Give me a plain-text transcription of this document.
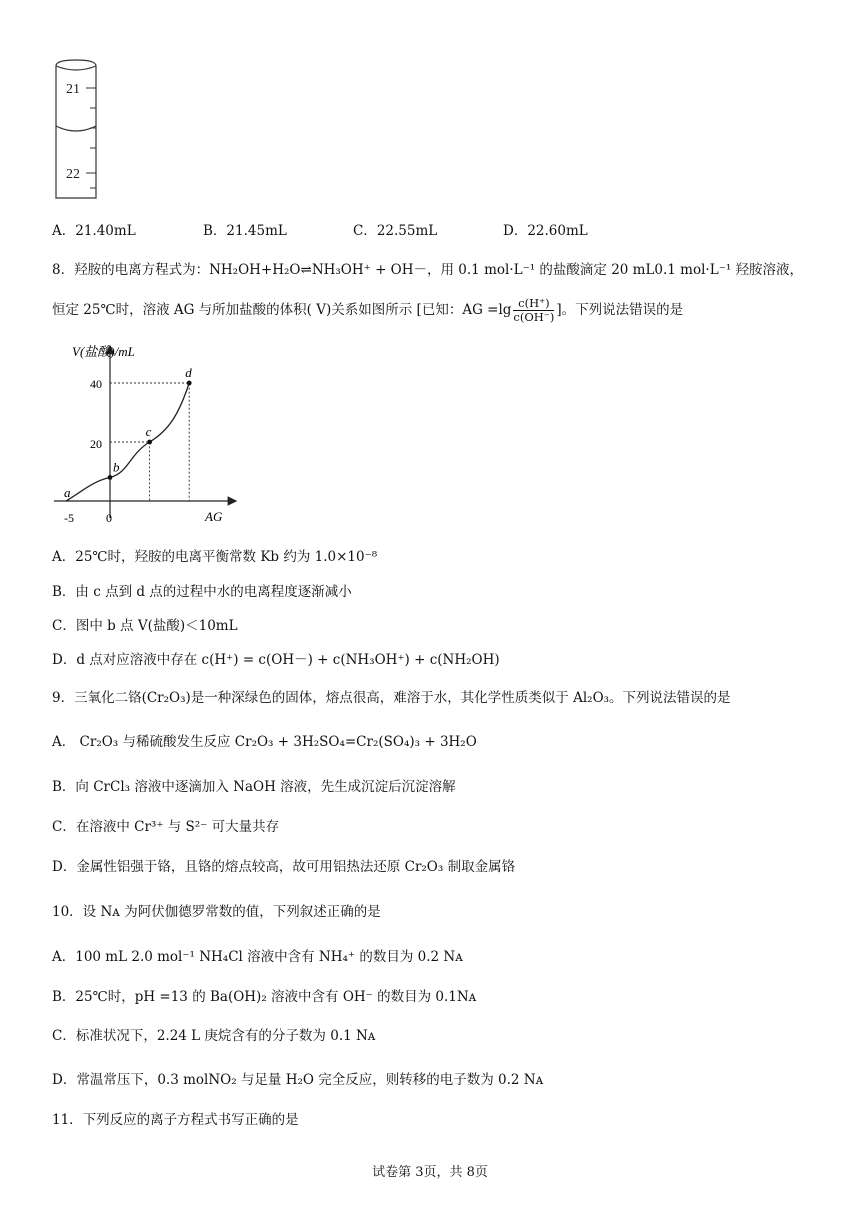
21
22
A．21.40mL	B．21.45mL	C．22.55mL	D．22.60mL
8．羟胺的电离方程式为：NH₂OH+H₂O⇌NH₃OH⁺ + OH－，用 0.1 mol·L⁻¹ 的盐酸滴定 20 mL0.1 mol·L⁻¹ 羟胺溶液，
恒定 25℃时，溶液 AG 与所加盐酸的体积( V)关系如图所示 [已知：AG $=\lg \frac{c(H^+)}{c(OH^-)}$ ]。下列说法错误的是
V(盐酸)/mL
AG
-5	0
20
40
a
b
c
d
A．25℃时，羟胺的电离平衡常数 Kb 约为 1.0×10⁻⁸
B．由 c 点到 d 点的过程中水的电离程度逐渐减小
C．图中 b 点 V(盐酸)＜10mL
D．d 点对应溶液中存在 c(H⁺) = c(OH－) + c(NH₃OH⁺) + c(NH₂OH)
9．三氧化二铬(Cr₂O₃)是一种深绿色的固体，熔点很高，难溶于水，其化学性质类似于 Al₂O₃。下列说法错误的是
A． Cr₂O₃ 与稀硫酸发生反应 Cr₂O₃ + 3H₂SO₄=Cr₂(SO₄)₃ + 3H₂O
B．向 CrCl₃ 溶液中逐滴加入 NaOH 溶液，先生成沉淀后沉淀溶解
C．在溶液中 Cr³⁺ 与 S²⁻ 可大量共存
D．金属性铝强于铬，且铬的熔点较高，故可用铝热法还原 Cr₂O₃ 制取金属铬
10．设 Nᴀ 为阿伏伽德罗常数的值，下列叙述正确的是
A．100 mL 2.0 mol⁻¹ NH₄Cl 溶液中含有 NH₄⁺ 的数目为 0.2 Nᴀ
B．25℃时，pH =13 的 Ba(OH)₂ 溶液中含有 OH⁻ 的数目为 0.1Nᴀ
C．标准状况下，2.24 L 庚烷含有的分子数为 0.1 Nᴀ
D．常温常压下，0.3 molNO₂ 与足量 H₂O 完全反应，则转移的电子数为 0.2 Nᴀ
11．下列反应的离子方程式书写正确的是
试卷第 3页，共 8页
